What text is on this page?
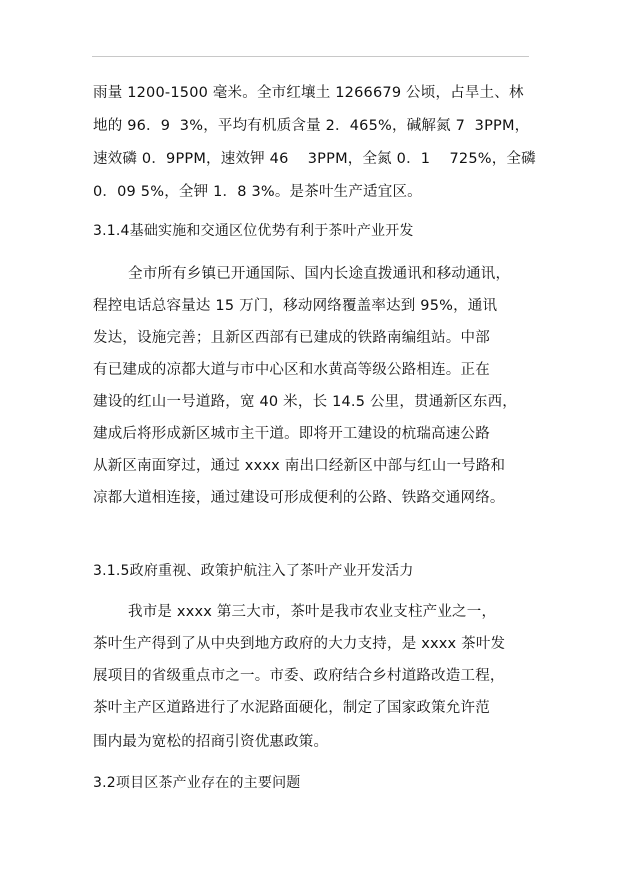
雨量 1200-1500 毫米。全市红壤土 1266679 公顷，占旱土、林
地的 96．9  3%，平均有机质含量 2．465%，碱解氮 7  3PPM，
速效磷 0．9PPM，速效钾 46    3PPM，全氮 0．1    725%，全磷
0．09 5%，全钾 1．8 3%。是茶叶生产适宜区。
3.1.4基础实施和交通区位优势有利于茶叶产业开发
全市所有乡镇已开通国际、国内长途直拨通讯和移动通讯，
程控电话总容量达 15 万门，移动网络覆盖率达到 95%，通讯
发达，设施完善；且新区西部有已建成的铁路南编组站。中部
有已建成的凉都大道与市中心区和水黄高等级公路相连。正在
建设的红山一号道路，宽 40 米，长 14.5 公里，贯通新区东西，
建成后将形成新区城市主干道。即将开工建设的杭瑞高速公路
从新区南面穿过，通过 xxxx 南出口经新区中部与红山一号路和
凉都大道相连接，通过建设可形成便利的公路、铁路交通网络。
3.1.5政府重视、政策护航注入了茶叶产业开发活力
我市是 xxxx 第三大市，茶叶是我市农业支柱产业之一，
茶叶生产得到了从中央到地方政府的大力支持，是 xxxx 茶叶发
展项目的省级重点市之一。市委、政府结合乡村道路改造工程，
茶叶主产区道路进行了水泥路面硬化，制定了国家政策允许范
围内最为宽松的招商引资优惠政策。
3.2项目区茶产业存在的主要问题
